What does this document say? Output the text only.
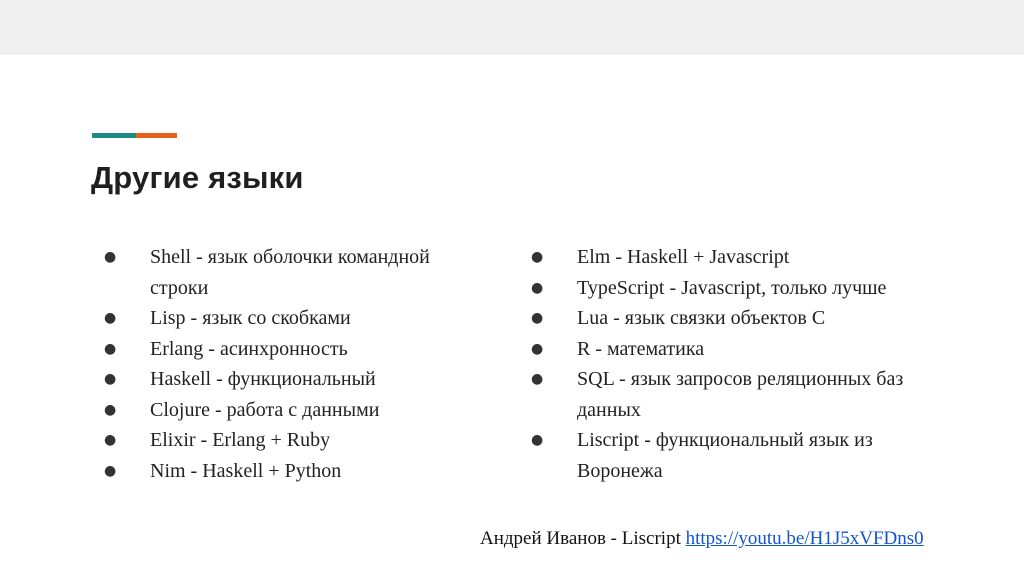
Другие языки
● Shell - язык оболочки командной строки
● Lisp - язык со скобками
● Erlang - асинхронность
● Haskell - функциональный
● Clojure - работа с данными
● Elixir - Erlang + Ruby
● Nim - Haskell + Python
● Elm - Haskell + Javascript
● TypeScript - Javascript, только лучше
● Lua - язык связки объектов C
● R - математика
● SQL - язык запросов реляционных баз данных
● Liscript - функциональный язык из Воронежа
Андрей Иванов - Liscript https://youtu.be/H1J5xVFDns0
